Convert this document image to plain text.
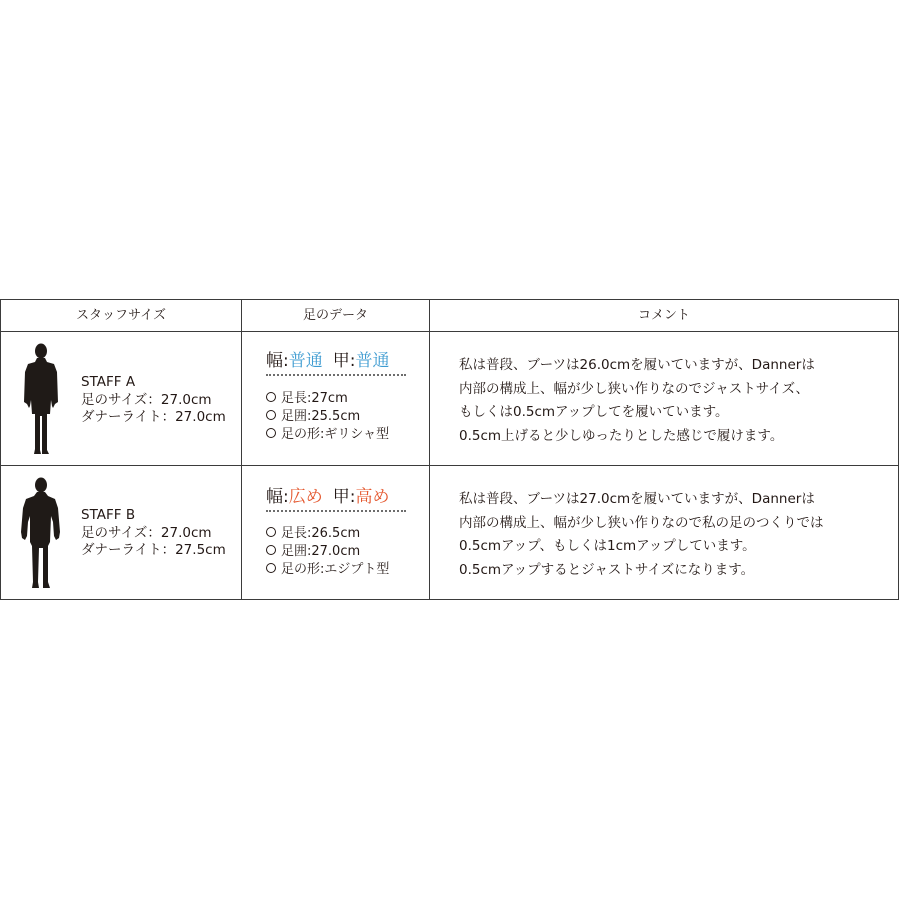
スタッフサイズ	足のデータ	コメント
STAFF A
足のサイズ：27.0cm
ダナーライト：27.0cm
幅:普通 甲:普通
足長:27cm
足囲:25.5cm
足の形:ギリシャ型
私は普段、ブーツは26.0cmを履いていますが、Dannerは
内部の構成上、幅が少し狭い作りなのでジャストサイズ、
もしくは0.5cmアップしてを履いています。
0.5cm上げると少しゆったりとした感じで履けます。
STAFF B
足のサイズ：27.0cm
ダナーライト：27.5cm
幅:広め 甲:高め
足長:26.5cm
足囲:27.0cm
足の形:エジプト型
私は普段、ブーツは27.0cmを履いていますが、Dannerは
内部の構成上、幅が少し狭い作りなので私の足のつくりでは
0.5cmアップ、もしくは1cmアップしています。
0.5cmアップするとジャストサイズになります。
